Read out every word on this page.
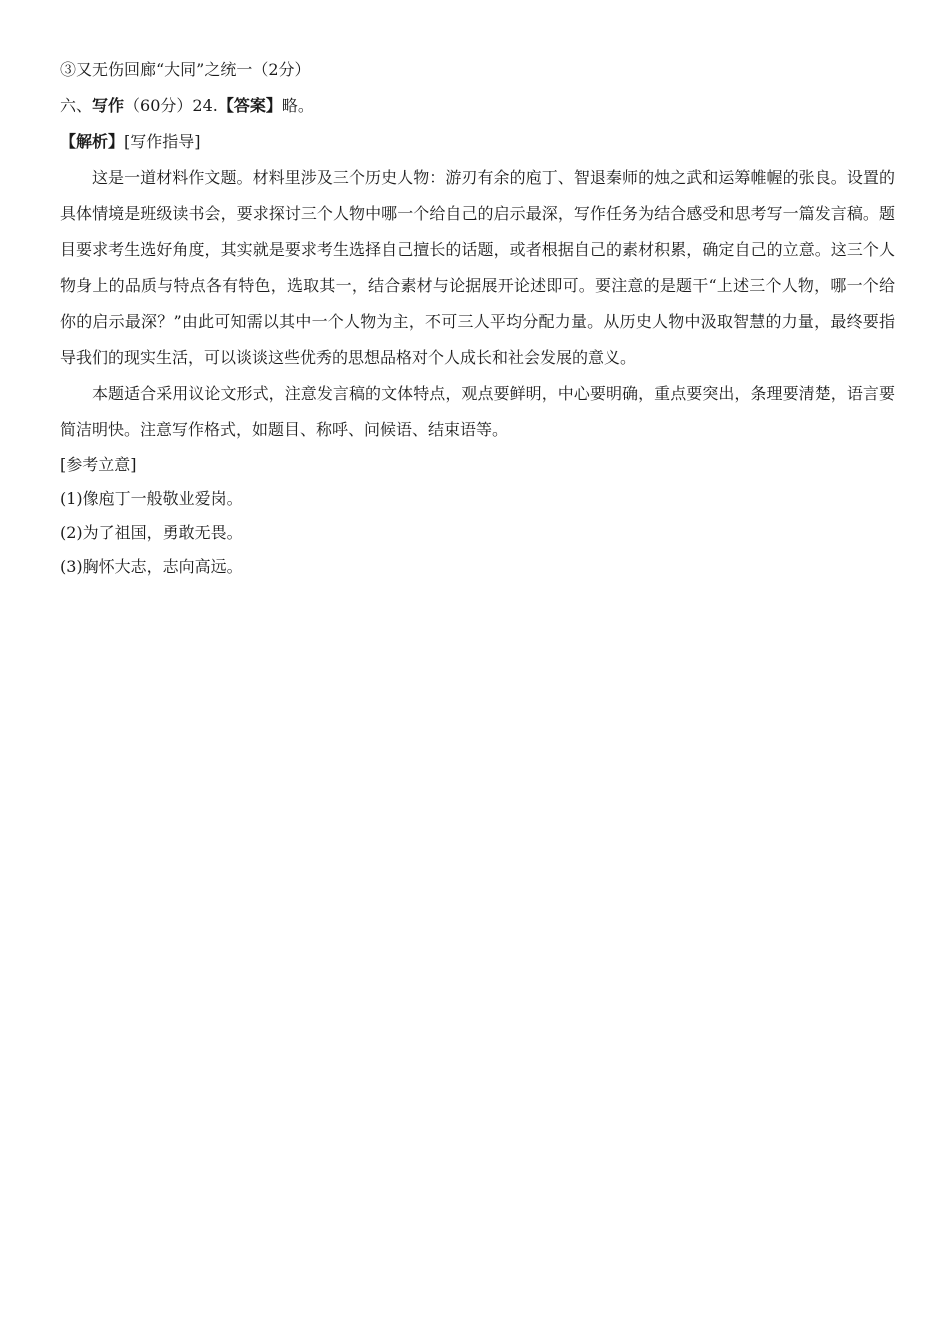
③又无伤回廊“大同”之统一（2分）

六、写作（60分）24.【答案】略。

【解析】[写作指导]

这是一道材料作文题。材料里涉及三个历史人物：游刃有余的庖丁、智退秦师的烛之武和运筹帷幄的张良。设置的具体情境是班级读书会，要求探讨三个人物中哪一个给自己的启示最深，写作任务为结合感受和思考写一篇发言稿。题目要求考生选好角度，其实就是要求考生选择自己擅长的话题，或者根据自己的素材积累，确定自己的立意。这三个人物身上的品质与特点各有特色，选取其一，结合素材与论据展开论述即可。要注意的是题干“上述三个人物，哪一个给你的启示最深？”由此可知需以其中一个人物为主，不可三人平均分配力量。从历史人物中汲取智慧的力量，最终要指导我们的现实生活，可以谈谈这些优秀的思想品格对个人成长和社会发展的意义。

本题适合采用议论文形式，注意发言稿的文体特点，观点要鲜明，中心要明确，重点要突出，条理要清楚，语言要简洁明快。注意写作格式，如题目、称呼、问候语、结束语等。

[参考立意]

(1)像庖丁一般敬业爱岗。

(2)为了祖国，勇敢无畏。

(3)胸怀大志，志向高远。
